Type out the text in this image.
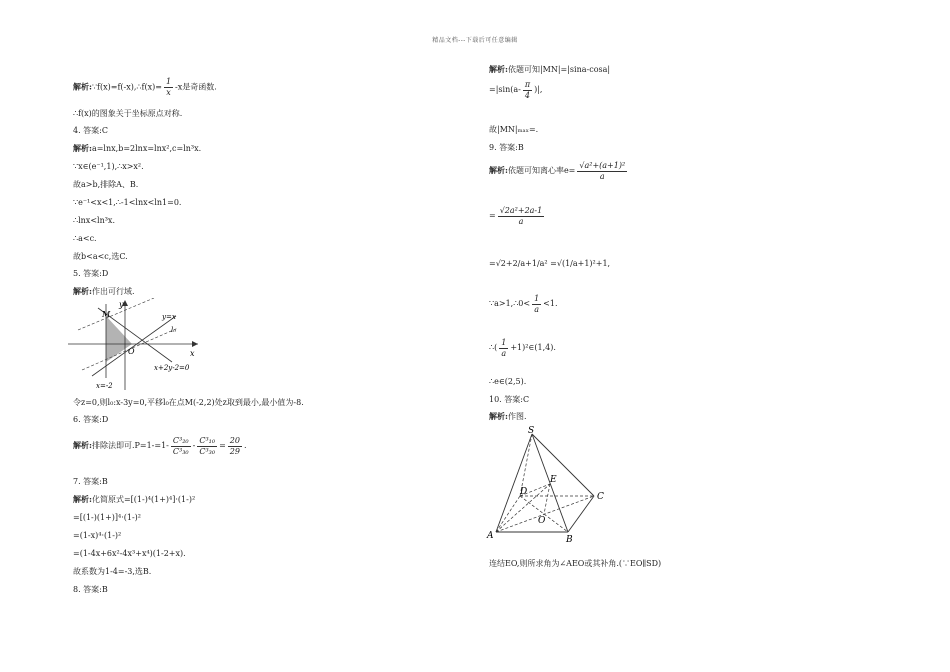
精品文档---下载后可任意编辑
解析:∵f(x)=f(-x),∴f(x)= $\frac{1}{x} -x$是奇函数.
∴f(x)的图象关于坐标原点对称.
4. 答案:C
解析:a=lnx,b=2lnx=lnx²,c=ln³x.
∵x∈(e⁻¹,1),∴x>x².
故a>b,排除A、B.
∵e⁻¹<x<1,∴-1<lnx<ln1=0.
∴lnx<ln³x.
∴a<c.
故b<a<c,选C.
5. 答案:D
解析:作出可行域.
y
y=x
M
l₀
x
O
x+2y-2=0
x=-2
令z=0,则l₀:x-3y=0,平移l₀在点M(-2,2)处z取到最小,最小值为-8.
6. 答案:D
解析:排除法即可$.P=1-=1- \frac{\text{C³₂₀}}{\text{C³₃₀}} - \frac{\text{C³₁₀}}{\text{C³₃₀}} = \frac{20}{29}$ .
7. 答案:B
解析:化简原式=[(1-)⁴(1+)⁴]·(1-)²
=[(1-)(1+)]⁴·(1-)²
=(1-x)⁴·(1-)²
=(1-4x+6x²-4x³+x⁴)(1-2+x).
故系数为1-4=-3,选B.
8. 答案:B
解析:依题可知|MN|=|sina-cosa|
$=|\sin(a- \frac{\pi}{4}$ )|,
故|MN|ₘₐₓ=.
9. 答案:B
解析:依题可知离心率$e= \frac{\text{√a²+(a+1)²}}{a}$
= $\frac{\text{√2a²+2a-1}}{a}$
=√2+2/a+1/a² =√(1/a+1)²+1,
∵a>1,∴0< $\frac{1}{a} <1$.
∴( $\frac{1}{a}$ +1)²∈(1,4).
∴e∈(2,5).
10. 答案:C
解析:作图.
S
D
E
C
O
A	B
连结EO,则所求角为∠AEO或其补角.(∵EO∥SD)
